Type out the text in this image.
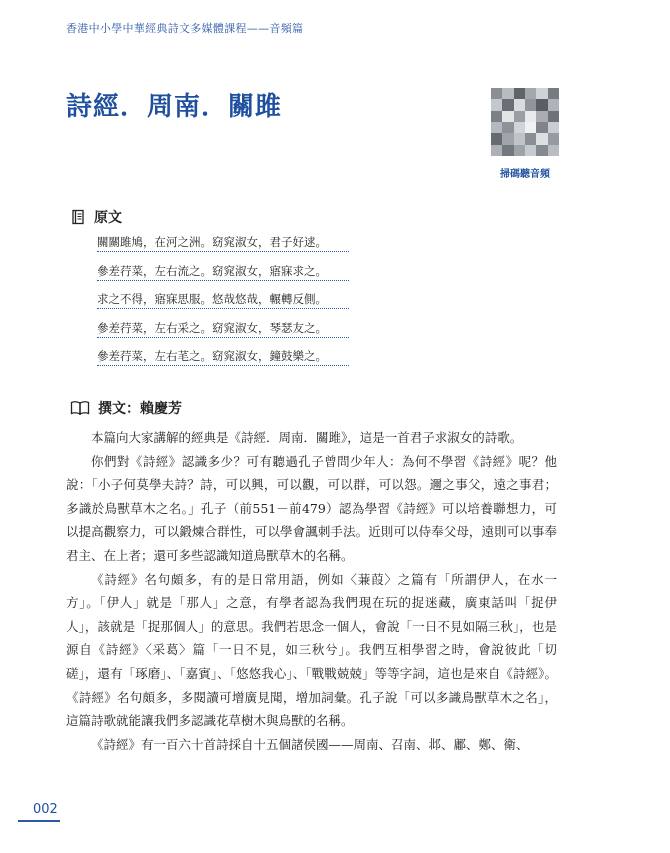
香港中小學中華經典詩文多媒體課程——音頻篇
詩經．周南．關雎
掃碼聽音頻
原文
關關雎鳩，在河之洲。窈窕淑女，君子好逑。
參差荇菜，左右流之。窈窕淑女，寤寐求之。
求之不得，寤寐思服。悠哉悠哉，輾轉反側。
參差荇菜，左右采之。窈窕淑女，琴瑟友之。
參差荇菜，左右芼之。窈窕淑女，鐘鼓樂之。
撰文：賴慶芳

本篇向大家講解的經典是《詩經．周南．關雎》，這是一首君子求淑女的詩歌。

你們對《詩經》認識多少？可有聽過孔子曾問少年人：為何不學習《詩經》呢？他說：「小子何莫學夫詩？詩，可以興，可以觀，可以群，可以怨。邇之事父，遠之事君；多識於鳥獸草木之名。」孔子（前551－前479）認為學習《詩經》可以培養聯想力，可以提高觀察力，可以鍛煉合群性，可以學會諷刺手法。近則可以侍奉父母，遠則可以事奉君主、在上者；還可多些認識知道鳥獸草木的名稱。

《詩經》名句頗多，有的是日常用語，例如〈蒹葭〉之篇有「所謂伊人，在水一方」。「伊人」就是「那人」之意，有學者認為我們現在玩的捉迷藏，廣東話叫「捉伊人」，該就是「捉那個人」的意思。我們若思念一個人，會說「一日不見如隔三秋」，也是源自《詩經》〈采葛〉篇「一日不見，如三秋兮」。我們互相學習之時，會說彼此「切磋」，還有「琢磨」、「嘉賓」、「悠悠我心」、「戰戰兢兢」等等字詞，這也是來自《詩經》。《詩經》名句頗多，多閱讀可增廣見聞，增加詞彙。孔子說「可以多識鳥獸草木之名」，這篇詩歌就能讓我們多認識花草樹木與鳥獸的名稱。

《詩經》有一百六十首詩採自十五個諸侯國——周南、召南、邶、鄘、鄭、衛、

002
